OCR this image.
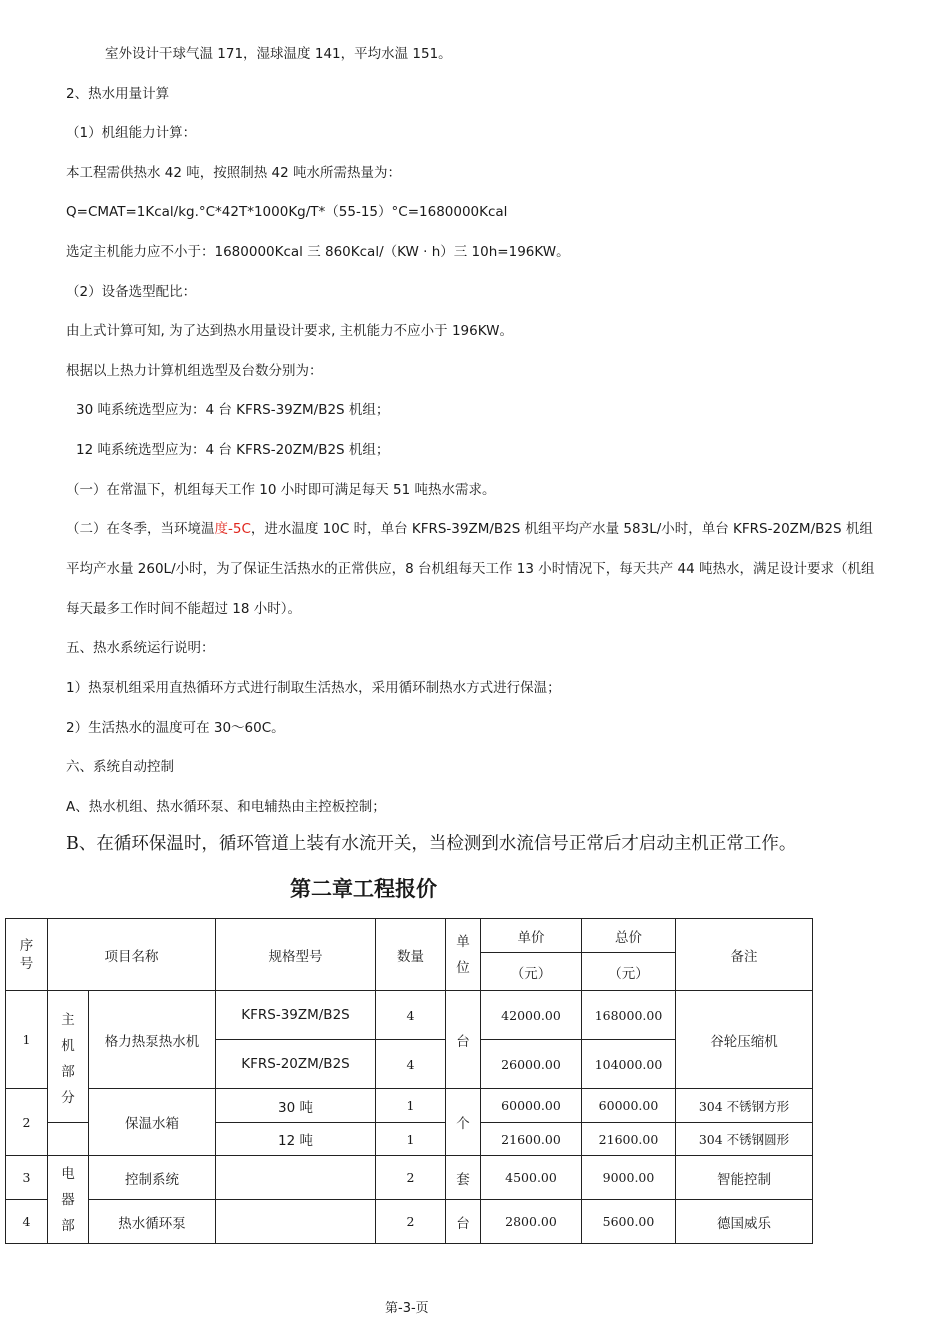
室外设计干球气温 171，湿球温度 141，平均水温 151。
2、热水用量计算
（1）机组能力计算：
本工程需供热水 42 吨，按照制热 42 吨水所需热量为：
Q=CMAT=1Kcal/kg.°C*42T*1000Kg/T*（55-15）°C=1680000Kcal
选定主机能力应不小于：1680000Kcal 三 860Kcal/（KW · h）三 10h=196KW。
（2）设备选型配比：
由上式计算可知, 为了达到热水用量设计要求, 主机能力不应小于 196KW。
根据以上热力计算机组选型及台数分别为：
30 吨系统选型应为：4 台 KFRS-39ZM/B2S 机组；
12 吨系统选型应为：4 台 KFRS-20ZM/B2S 机组；
（一）在常温下，机组每天工作 10 小时即可满足每天 51 吨热水需求。
（二）在冬季，当环境温度-5C，进水温度 10C 时，单台 KFRS-39ZM/B2S 机组平均产水量 583L/小时，单台 KFRS-20ZM/B2S 机组
平均产水量 260L/小时，为了保证生活热水的正常供应，8 台机组每天工作 13 小时情况下，每天共产 44 吨热水，满足设计要求（机组
每天最多工作时间不能超过 18 小时）。
五、热水系统运行说明：
1）热泵机组采用直热循环方式进行制取生活热水，采用循环制热水方式进行保温；
2）生活热水的温度可在 30〜60C。
六、系统自动控制
A、热水机组、热水循环泵、和电辅热由主控板控制；
B、在循环保温时，循环管道上装有水流开关，当检测到水流信号正常后才启动主机正常工作。
第二章工程报价
序号	项目名称		规格型号	数量	单位	单价	总价	备注
						（元）	（元）	
1	主机部分	格力热泵热水机	KFRS-39ZM/B2S	4	台	42000.00	168000.00	谷轮压缩机
			KFRS-20ZM/B2S	4		26000.00	104000.00	
2		保温水箱	30 吨	1	个	60000.00	60000.00	304 不锈钢方形
			12 吨	1		21600.00	21600.00	304 不锈钢圆形
3	电器部	控制系统		2	套	4500.00	9000.00	智能控制
4		热水循环泵		2	台	2800.00	5600.00	德国威乐
第-3-页
